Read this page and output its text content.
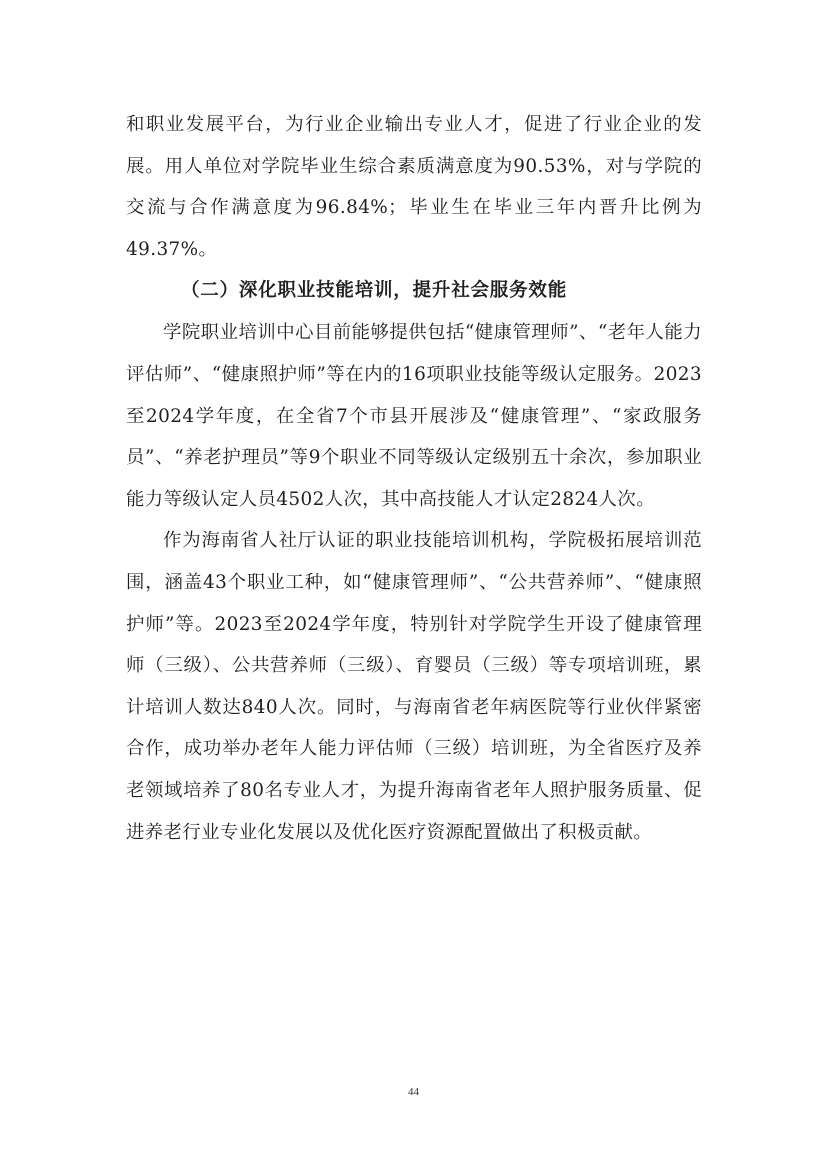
和职业发展平台，为行业企业输出专业人才，促进了行业企业的发展。用人单位对学院毕业生综合素质满意度为90.53%，对与学院的交流与合作满意度为96.84%；毕业生在毕业三年内晋升比例为49.37%。

（二）深化职业技能培训，提升社会服务效能

学院职业培训中心目前能够提供包括“健康管理师”、“老年人能力评估师”、“健康照护师”等在内的16项职业技能等级认定服务。2023至2024学年度，在全省7个市县开展涉及“健康管理”、“家政服务员”、“养老护理员”等9个职业不同等级认定级别五十余次，参加职业能力等级认定人员4502人次，其中高技能人才认定2824人次。

作为海南省人社厅认证的职业技能培训机构，学院极拓展培训范围，涵盖43个职业工种，如“健康管理师”、“公共营养师”、“健康照护师”等。2023至2024学年度，特别针对学院学生开设了健康管理师（三级）、公共营养师（三级）、育婴员（三级）等专项培训班，累计培训人数达840人次。同时，与海南省老年病医院等行业伙伴紧密合作，成功举办老年人能力评估师（三级）培训班，为全省医疗及养老领域培养了80名专业人才，为提升海南省老年人照护服务质量、促进养老行业专业化发展以及优化医疗资源配置做出了积极贡献。

44
